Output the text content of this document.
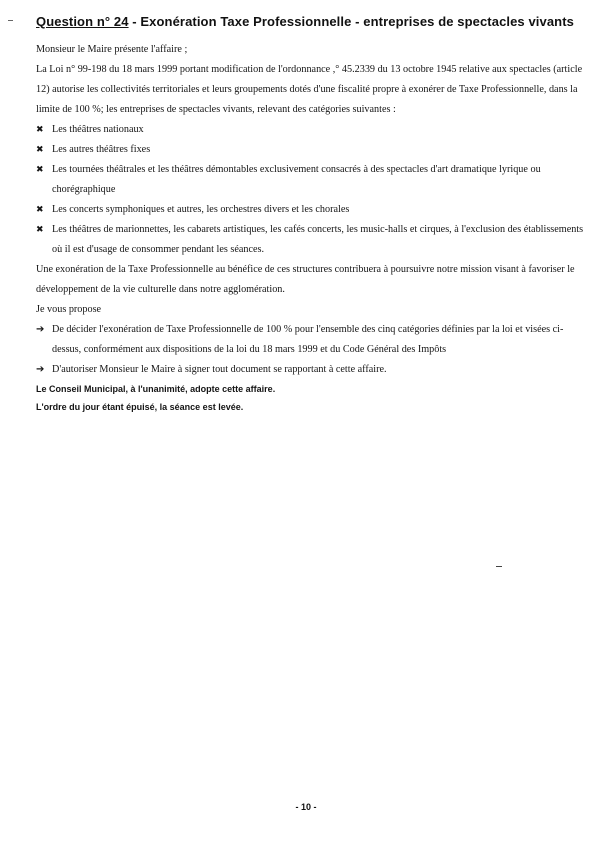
Question n° 24 - Exonération Taxe Professionnelle - entreprises de spectacles vivants

Monsieur le Maire présente l'affaire ;

La Loi n° 99-198 du 18 mars 1999 portant modification de l'ordonnance ,° 45.2339 du 13 octobre 1945 relative aux spectacles (article 12) autorise les collectivités territoriales et leurs groupements dotés d'une fiscalité propre à exonérer de Taxe Professionnelle, dans la limite de 100 %; les entreprises de spectacles vivants, relevant des catégories suivantes :

✖ Les théâtres nationaux
✖ Les autres théâtres fixes
✖ Les tournées théâtrales et les théâtres démontables exclusivement consacrés à des spectacles d'art dramatique lyrique ou chorégraphique
✖ Les concerts symphoniques et autres, les orchestres divers et les chorales
✖ Les théâtres de marionnettes, les cabarets artistiques, les cafés concerts, les music-halls et cirques, à l'exclusion des établissements où il est d'usage de consommer pendant les séances.

Une exonération de la Taxe Professionnelle au bénéfice de ces structures contribuera à poursuivre notre mission visant à favoriser le développement de la vie culturelle dans notre agglomération.

Je vous propose

➔ De décider l'exonération de Taxe Professionnelle de 100 % pour l'ensemble des cinq catégories définies par la loi et visées ci-dessus, conformément aux dispositions de la loi du 18 mars 1999 et du Code Général des Impôts
➔ D'autoriser Monsieur le Maire à signer tout document se rapportant à cette affaire.

Le Conseil Municipal, à l'unanimité, adopte cette affaire.

L'ordre du jour étant épuisé, la séance est levée.

- 10 -
